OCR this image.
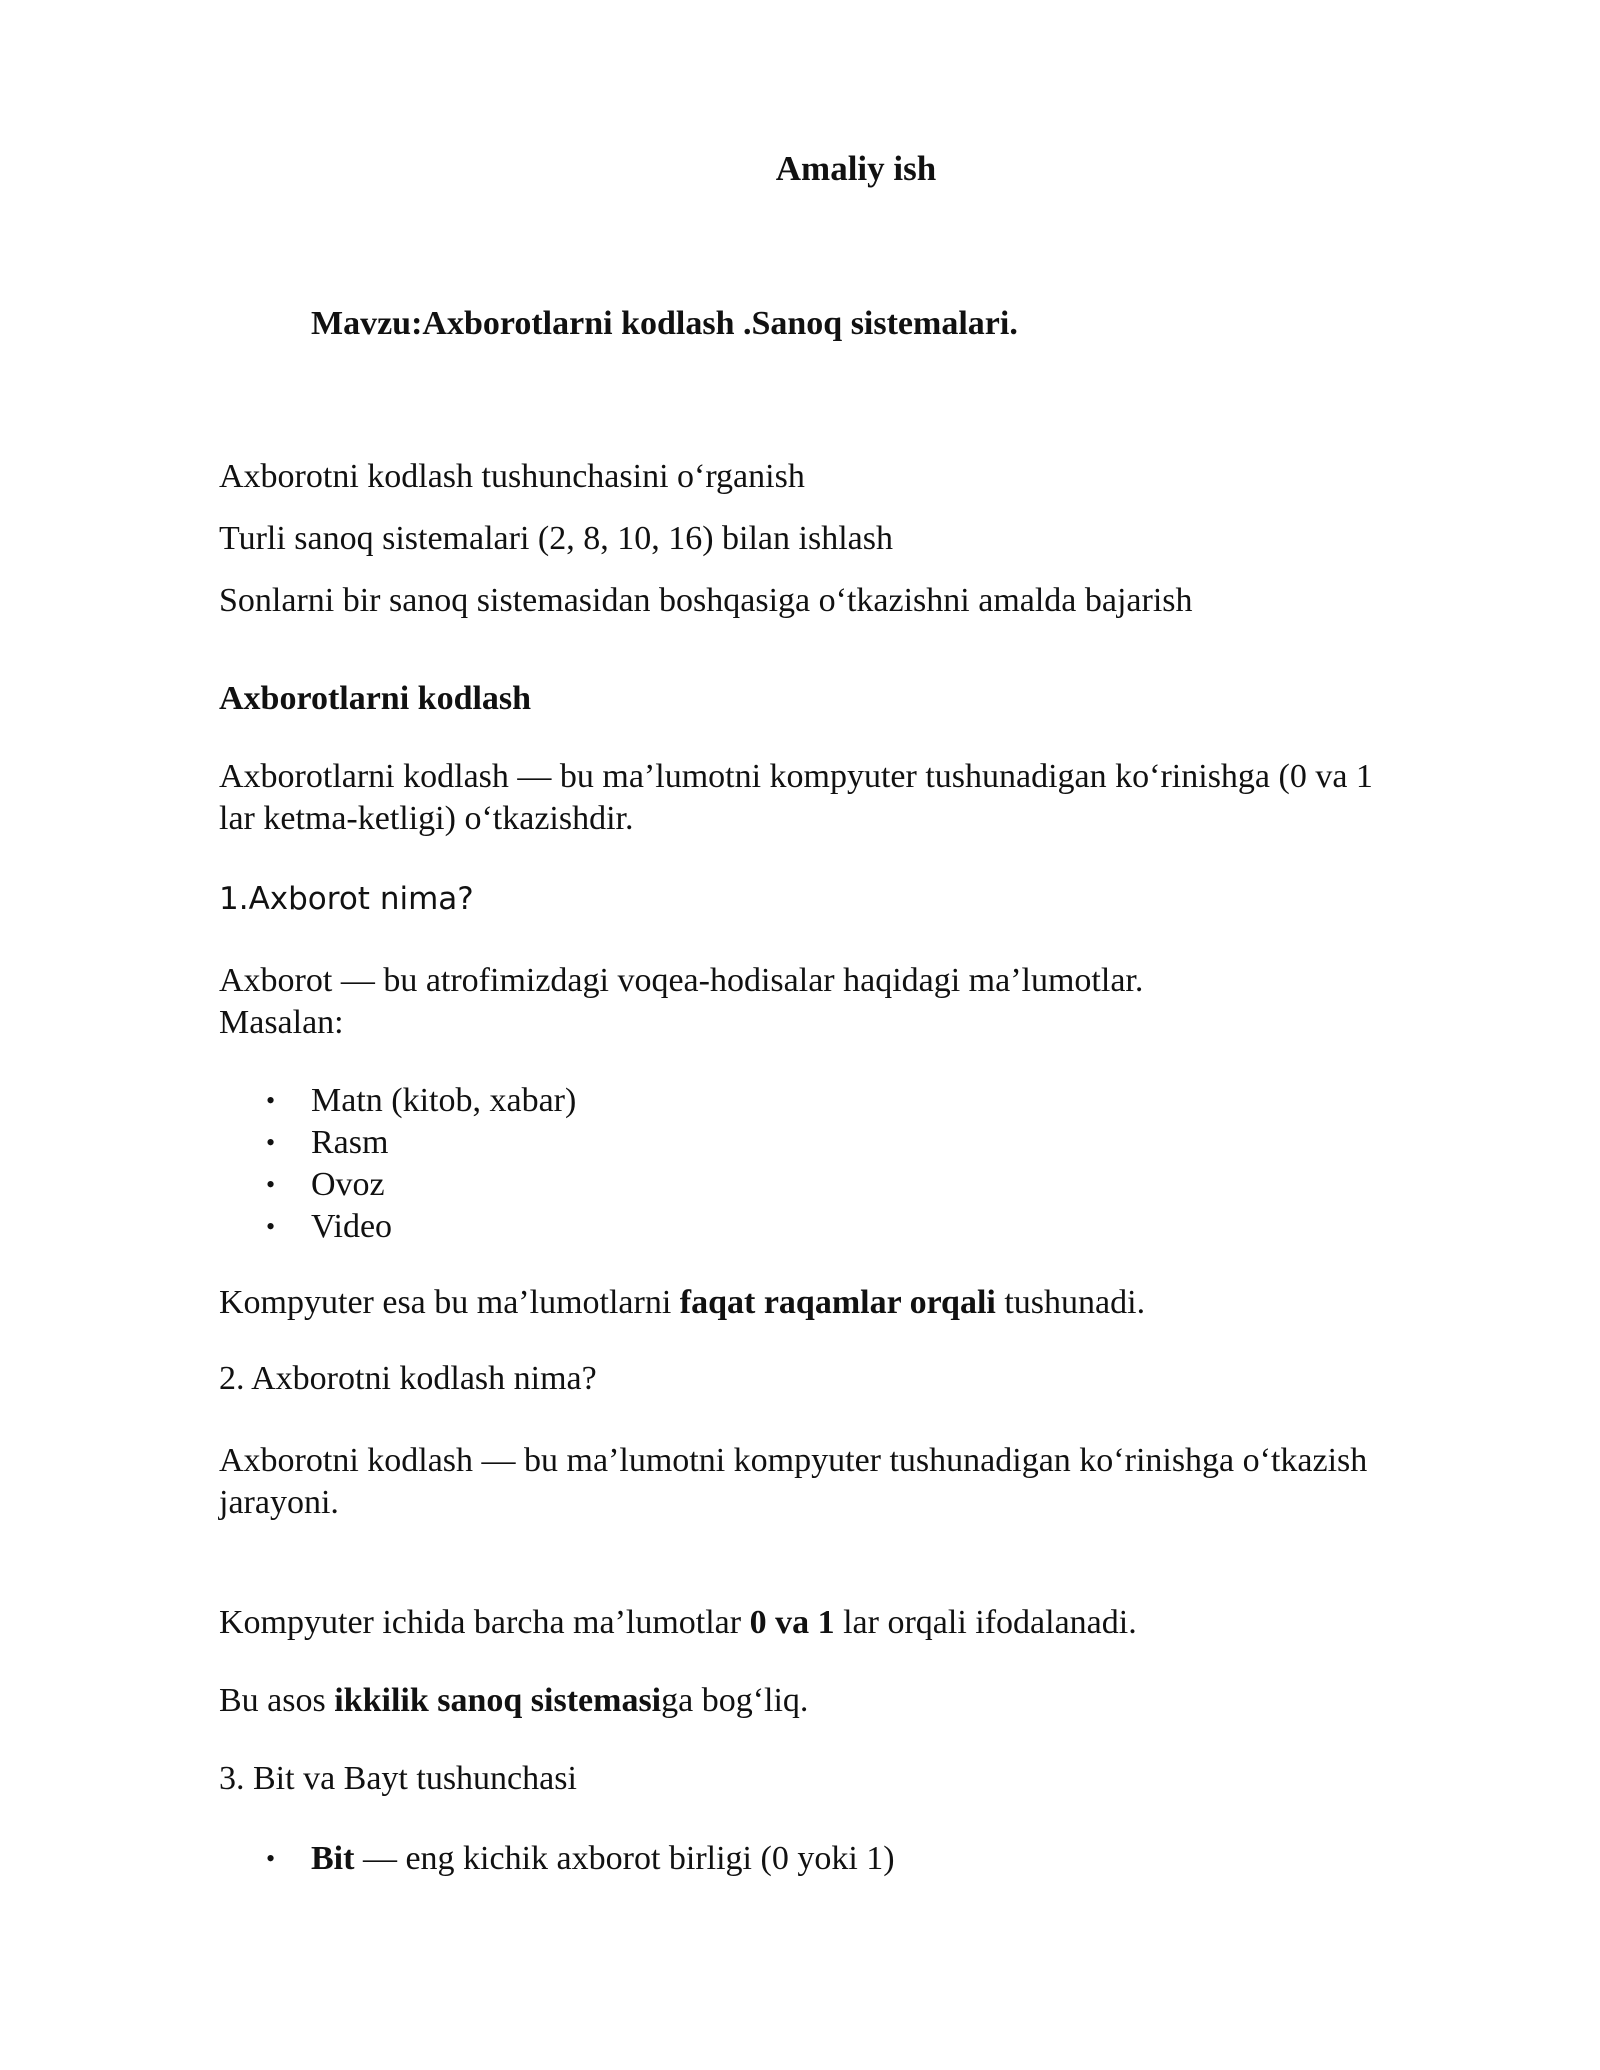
Amaliy ish

Mavzu:Axborotlarni kodlash .Sanoq sistemalari.

Axborotni kodlash tushunchasini o‘rganish

Turli sanoq sistemalari (2, 8, 10, 16) bilan ishlash

Sonlarni bir sanoq sistemasidan boshqasiga o‘tkazishni amalda bajarish

Axborotlarni kodlash

Axborotlarni kodlash — bu ma’lumotni kompyuter tushunadigan ko‘rinishga (0 va 1

lar ketma-ketligi) o‘tkazishdir.

1.Axborot nima?

Axborot — bu atrofimizdagi voqea-hodisalar haqidagi ma’lumotlar.

Masalan:

• Matn (kitob, xabar)
• Rasm
• Ovoz
• Video

Kompyuter esa bu ma’lumotlarni faqat raqamlar orqali tushunadi.

2. Axborotni kodlash nima?

Axborotni kodlash — bu ma’lumotni kompyuter tushunadigan ko‘rinishga o‘tkazish

jarayoni.

Kompyuter ichida barcha ma’lumotlar 0 va 1 lar orqali ifodalanadi.

Bu asos ikkilik sanoq sistemasiga bog‘liq.

3. Bit va Bayt tushunchasi

• Bit — eng kichik axborot birligi (0 yoki 1)
